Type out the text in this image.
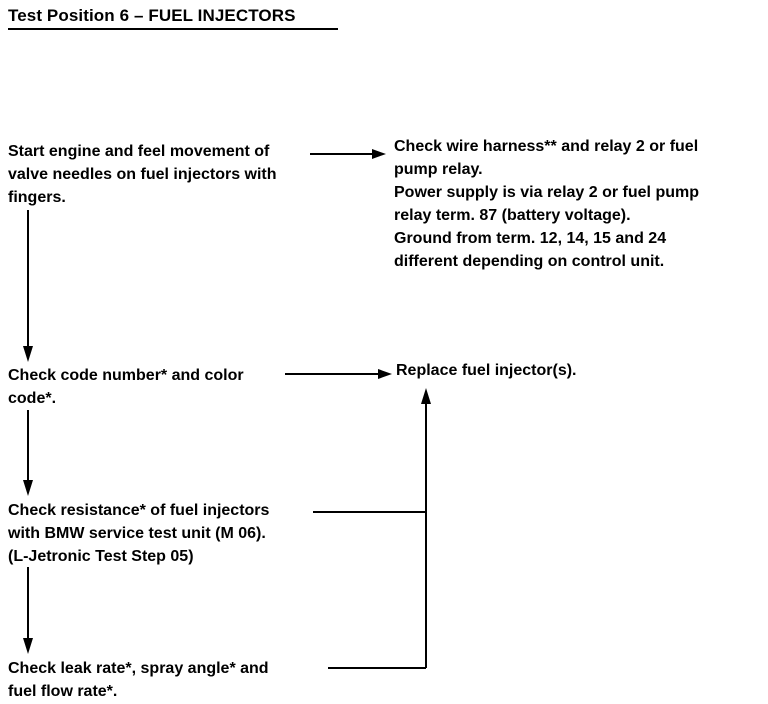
Test Position 6 – FUEL INJECTORS
Start engine and feel movement of
valve needles on fuel injectors with
fingers.
Check wire harness** and relay 2 or fuel
pump relay.
Power supply is via relay 2 or fuel pump
relay term. 87 (battery voltage).
Ground from term. 12, 14, 15 and 24
different depending on control unit.
Check code number* and color
code*.
Replace fuel injector(s).
Check resistance* of fuel injectors
with BMW service test unit (M 06).
(L-Jetronic Test Step 05)
Check leak rate*, spray angle* and
fuel flow rate*.
